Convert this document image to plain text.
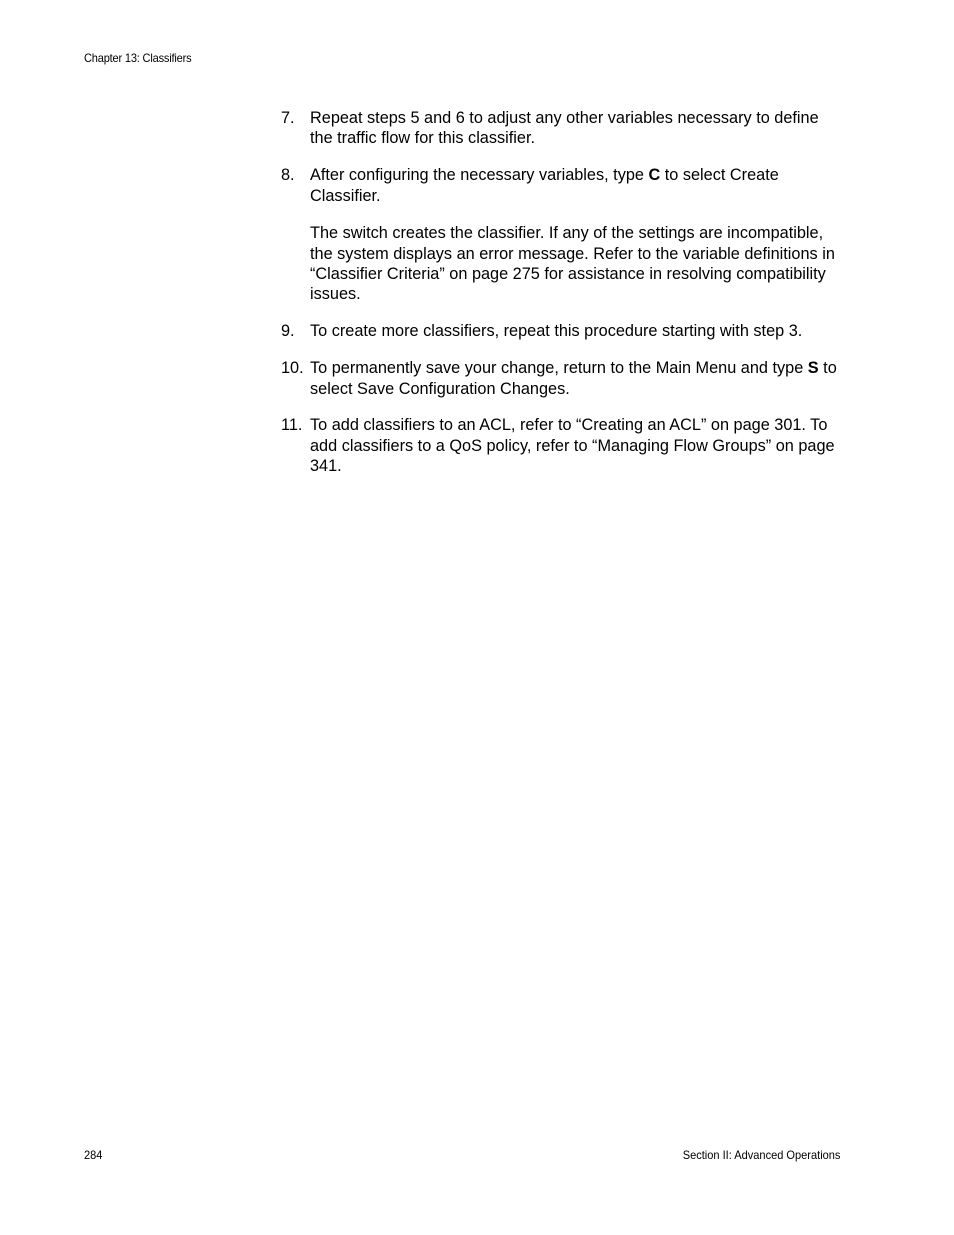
Chapter 13: Classifiers
7. Repeat steps 5 and 6 to adjust any other variables necessary to define the traffic flow for this classifier.

8. After configuring the necessary variables, type C to select Create Classifier.

The switch creates the classifier. If any of the settings are incompatible, the system displays an error message. Refer to the variable definitions in “Classifier Criteria” on page 275 for assistance in resolving compatibility issues.

9. To create more classifiers, repeat this procedure starting with step 3.

10. To permanently save your change, return to the Main Menu and type S to select Save Configuration Changes.

11. To add classifiers to an ACL, refer to “Creating an ACL” on page 301. To add classifiers to a QoS policy, refer to “Managing Flow Groups” on page 341.

284	Section II: Advanced Operations
